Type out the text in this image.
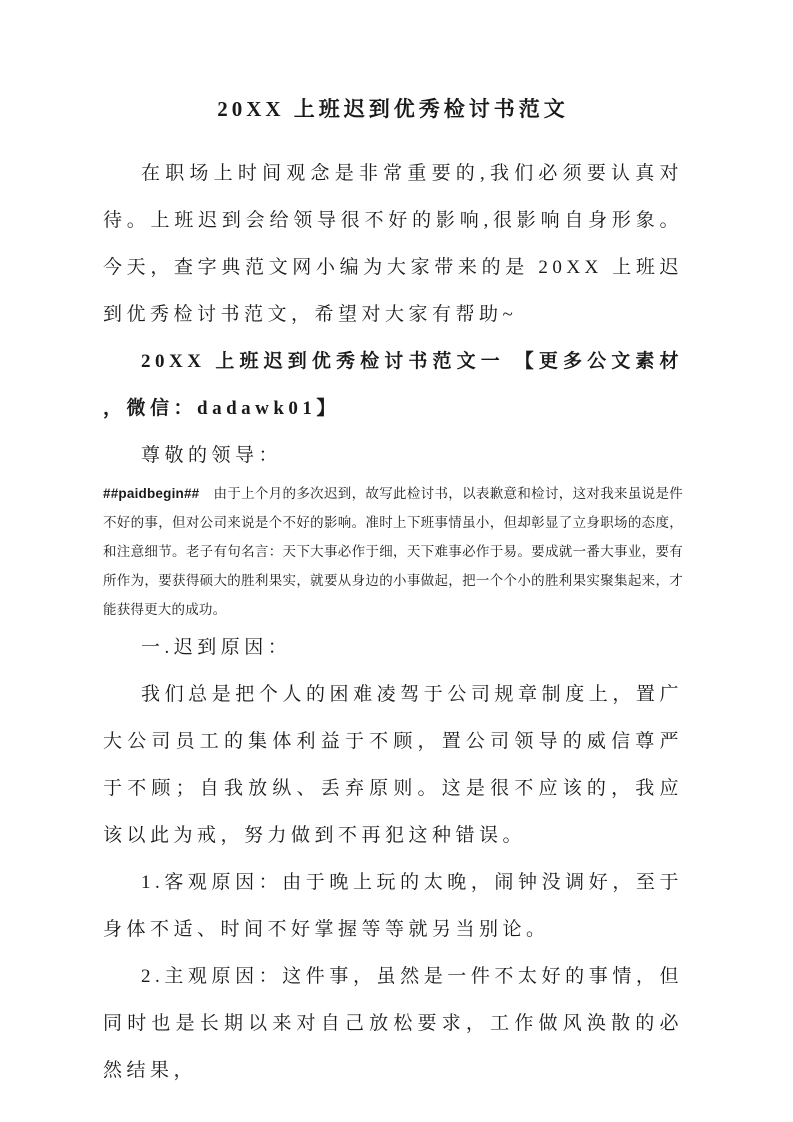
20XX 上班迟到优秀检讨书范文

在职场上时间观念是非常重要的,我们必须要认真对待。上班迟到会给领导很不好的影响,很影响自身形象。今天，查字典范文网小编为大家带来的是 20XX 上班迟到优秀检讨书范文，希望对大家有帮助~

20XX 上班迟到优秀检讨书范文一 【更多公文素材 ，微信：dadawk01】

尊敬的领导：

##paidbegin## 由于上个月的多次迟到，故写此检讨书，以表歉意和检讨，这对我来虽说是件不好的事，但对公司来说是个不好的影响。准时上下班事情虽小，但却彰显了立身职场的态度，和注意细节。老子有句名言：天下大事必作于细，天下难事必作于易。要成就一番大事业，要有所作为，要获得硕大的胜利果实，就要从身边的小事做起，把一个个小的胜利果实聚集起来，才能获得更大的成功。

一.迟到原因：

我们总是把个人的困难凌驾于公司规章制度上，置广大公司员工的集体利益于不顾，置公司领导的威信尊严于不顾；自我放纵、丢弃原则。这是很不应该的，我应该以此为戒，努力做到不再犯这种错误。

1.客观原因：由于晚上玩的太晚，闹钟没调好，至于身体不适、时间不好掌握等等就另当别论。

2.主观原因：这件事，虽然是一件不太好的事情，但同时也是长期以来对自己放松要求，工作做风涣散的必然结果，
